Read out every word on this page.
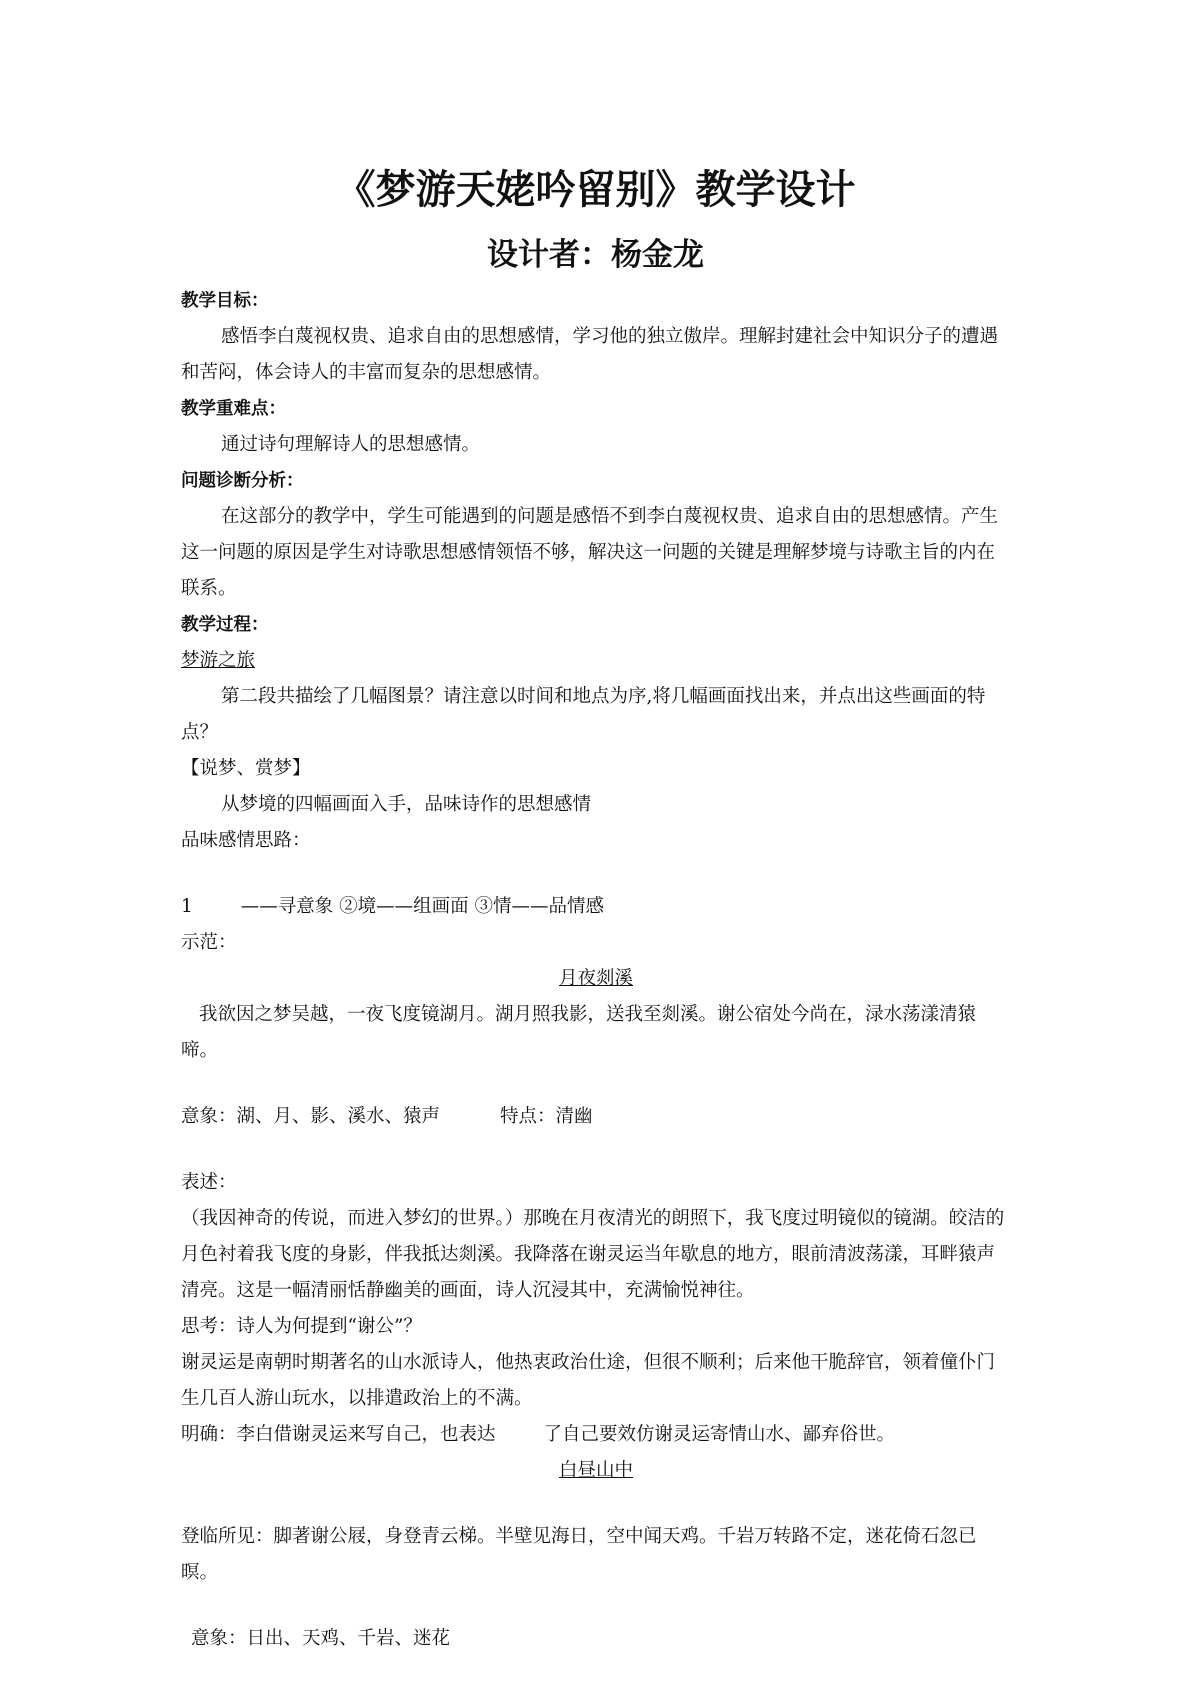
《梦游天姥吟留别》教学设计
设计者：杨金龙

教学目标：

感悟李白蔑视权贵、追求自由的思想感情，学习他的独立傲岸。理解封建社会中知识分子的遭遇和苦闷，体会诗人的丰富而复杂的思想感情。

教学重难点：

通过诗句理解诗人的思想感情。

问题诊断分析：

在这部分的教学中，学生可能遇到的问题是感悟不到李白蔑视权贵、追求自由的思想感情。产生这一问题的原因是学生对诗歌思想感情领悟不够，解决这一问题的关键是理解梦境与诗歌主旨的内在联系。

教学过程：

梦游之旅

第二段共描绘了几幅图景？请注意以时间和地点为序,将几幅画面找出来，并点出这些画面的特点？

【说梦、赏梦】

从梦境的四幅画面入手，品味诗作的思想感情

品味感情思路：

1	——寻意象 ②境——组画面 ③情——品情感

示范：

月夜剡溪

我欲因之梦吴越，一夜飞度镜湖月。湖月照我影，送我至剡溪。谢公宿处今尚在，渌水荡漾清猿啼。

意象：湖、月、影、溪水、猿声	特点：清幽

表述：

（我因神奇的传说，而进入梦幻的世界。）那晚在月夜清光的朗照下，我飞度过明镜似的镜湖。皎洁的月色衬着我飞度的身影，伴我抵达剡溪。我降落在谢灵运当年歇息的地方，眼前清波荡漾，耳畔猿声清亮。这是一幅清丽恬静幽美的画面，诗人沉浸其中，充满愉悦神往。

思考：诗人为何提到“谢公”？

谢灵运是南朝时期著名的山水派诗人，他热衷政治仕途，但很不顺利；后来他干脆辞官，领着僮仆门生几百人游山玩水，以排遣政治上的不满。

明确：李白借谢灵运来写自己，也表达	了自己要效仿谢灵运寄情山水、鄙弃俗世。

白昼山中

登临所见：脚著谢公屐，身登青云梯。半壁见海日，空中闻天鸡。千岩万转路不定，迷花倚石忽已暝。

意象：日出、天鸡、千岩、迷花
